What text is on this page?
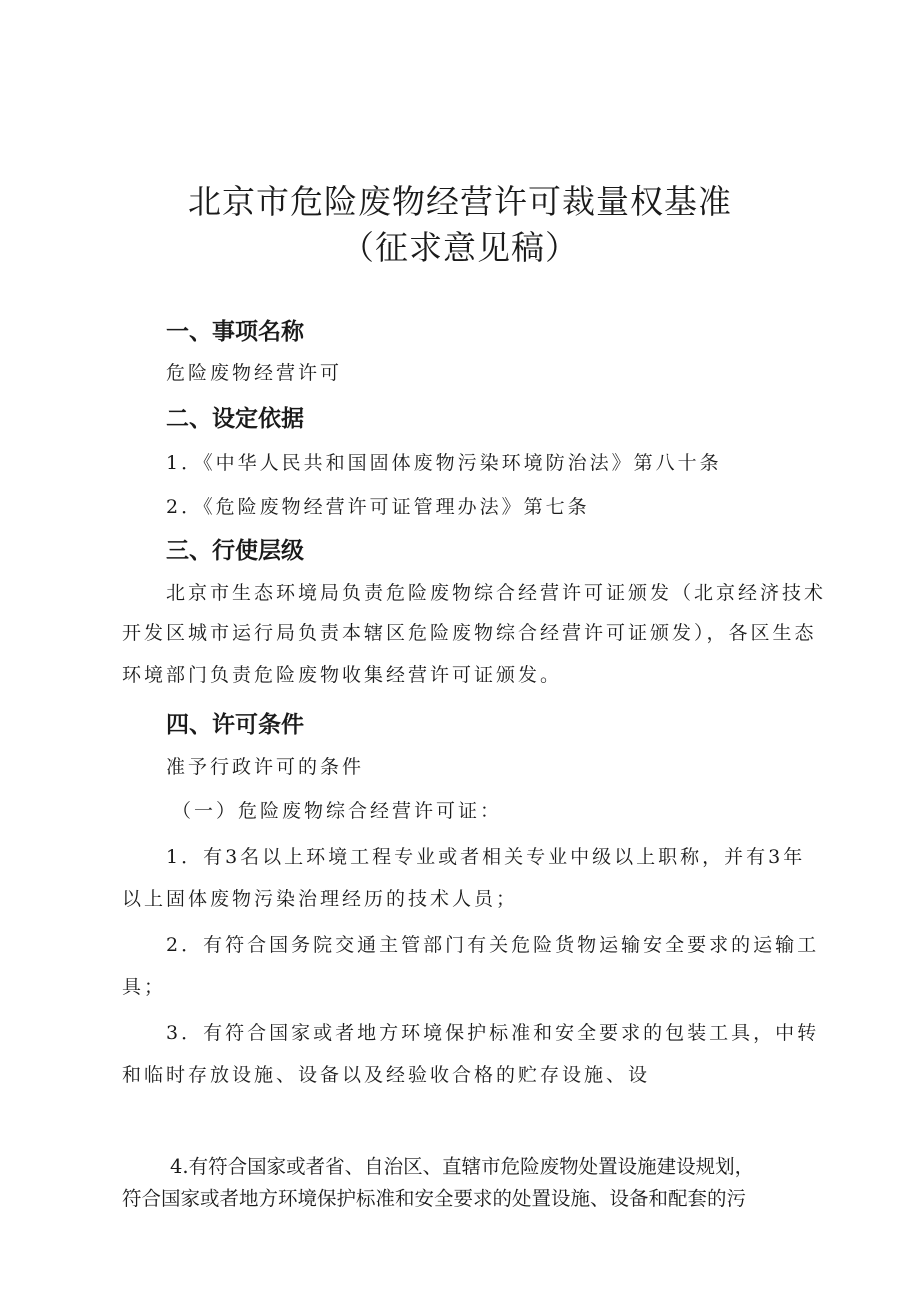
北京市危险废物经营许可裁量权基准
（征求意见稿）
一、事项名称
危险废物经营许可
二、设定依据
1．《中华人民共和国固体废物污染环境防治法》第八十条
2．《危险废物经营许可证管理办法》第七条
三、行使层级
北京市生态环境局负责危险废物综合经营许可证颁发（北京经济技术
开发区城市运行局负责本辖区危险废物综合经营许可证颁发），各区生态
环境部门负责危险废物收集经营许可证颁发。
四、许可条件
准予行政许可的条件
（一）危险废物综合经营许可证：
1．有3名以上环境工程专业或者相关专业中级以上职称，并有3年
以上固体废物污染治理经历的技术人员；
2．有符合国务院交通主管部门有关危险货物运输安全要求的运输工
具；
3．有符合国家或者地方环境保护标准和安全要求的包装工具，中转
和临时存放设施、设备以及经验收合格的贮存设施、设
4.有符合国家或者省、自治区、直辖市危险废物处置设施建设规划，
符合国家或者地方环境保护标准和安全要求的处置设施、设备和配套的污
